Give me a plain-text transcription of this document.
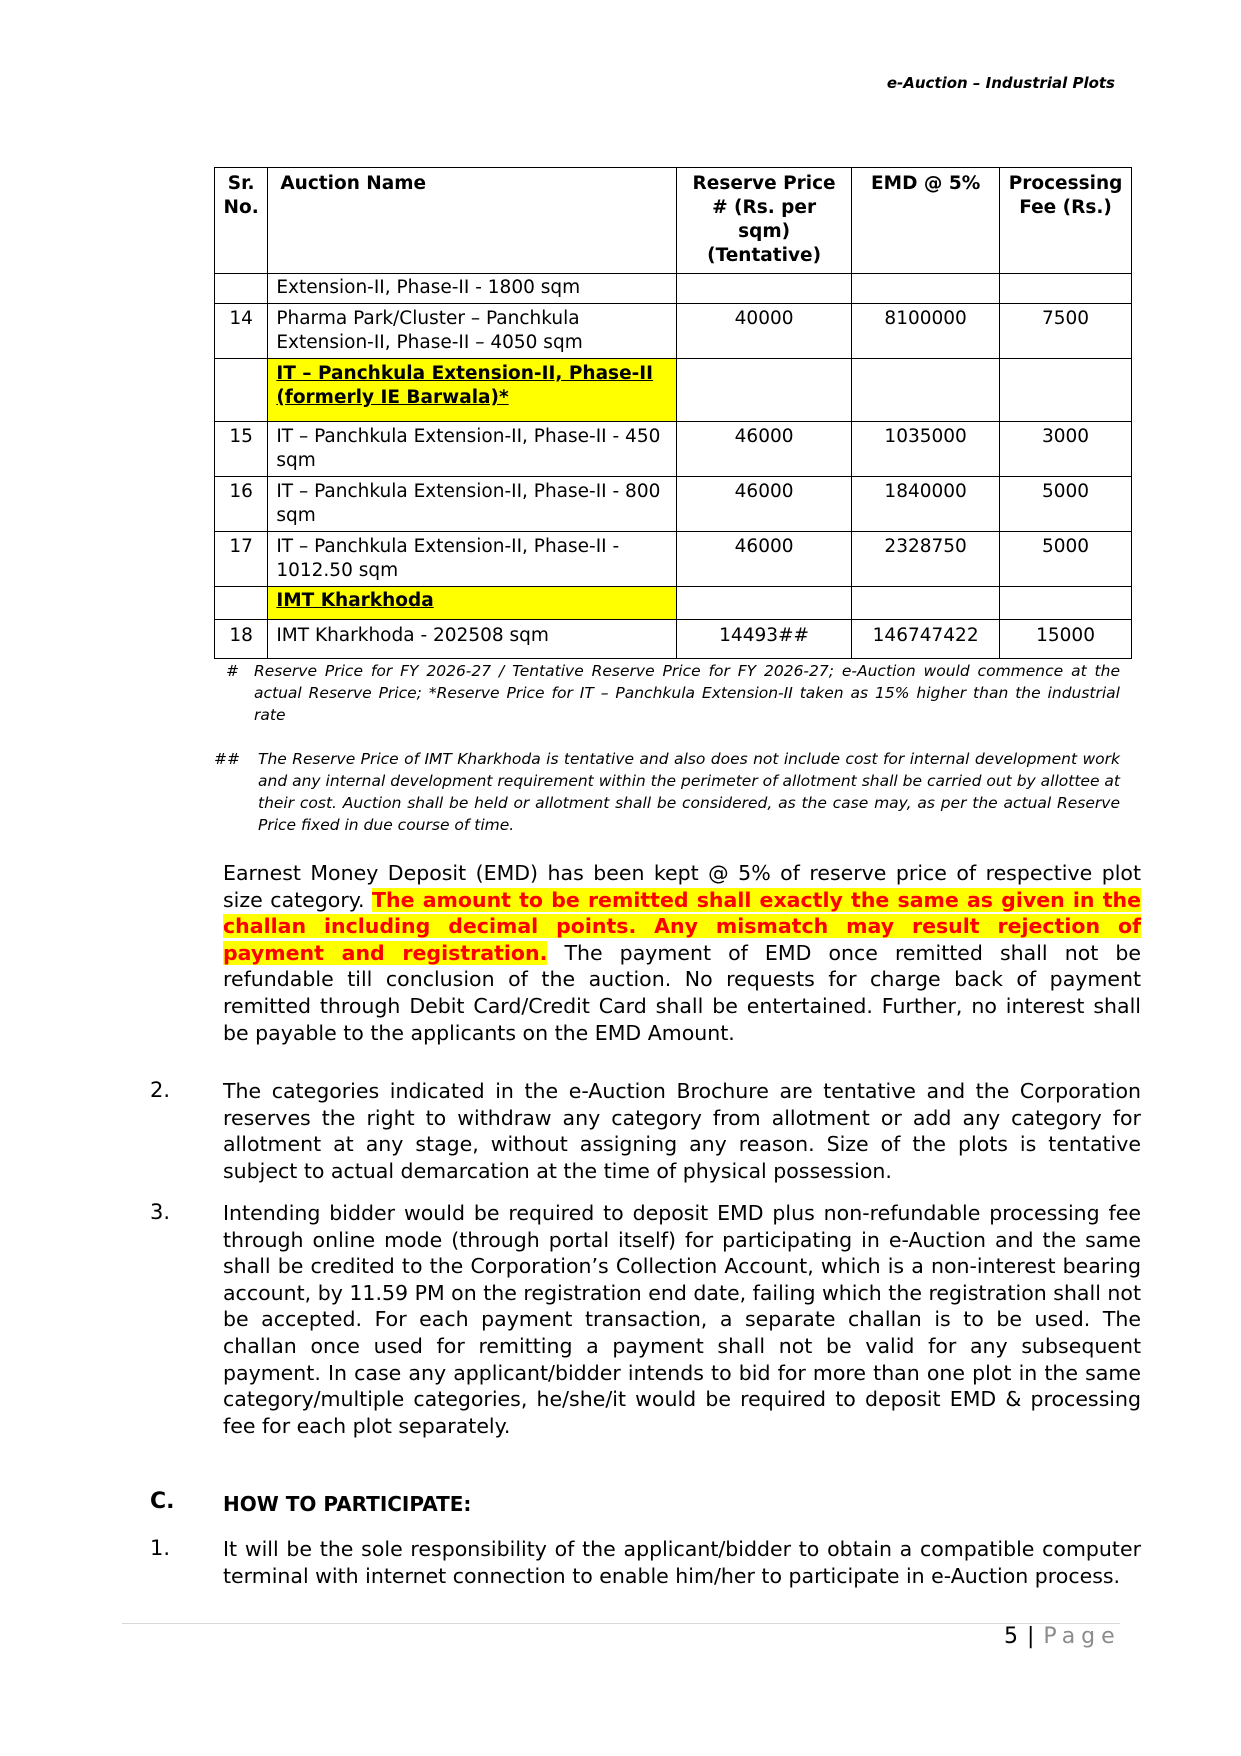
e-Auction – Industrial Plots
Sr. No.	Auction Name	Reserve Price # (Rs. per sqm) (Tentative)	EMD @ 5%	Processing Fee (Rs.)
	Extension-II, Phase-II - 1800 sqm			
14	Pharma Park/Cluster – Panchkula Extension-II, Phase-II – 4050 sqm	40000	8100000	7500
	IT – Panchkula Extension-II, Phase-II (formerly IE Barwala)*			
15	IT – Panchkula Extension-II, Phase-II - 450 sqm	46000	1035000	3000
16	IT – Panchkula Extension-II, Phase-II - 800 sqm	46000	1840000	5000
17	IT – Panchkula Extension-II, Phase-II - 1012.50 sqm	46000	2328750	5000
	IMT Kharkhoda			
18	IMT Kharkhoda - 202508 sqm	14493##	146747422	15000
# Reserve Price for FY 2026-27 / Tentative Reserve Price for FY 2026-27; e-Auction would commence at the actual Reserve Price; *Reserve Price for IT – Panchkula Extension-II taken as 15% higher than the industrial rate
##	The Reserve Price of IMT Kharkhoda is tentative and also does not include cost for internal development work and any internal development requirement within the perimeter of allotment shall be carried out by allottee at their cost. Auction shall be held or allotment shall be considered, as the case may, as per the actual Reserve Price fixed in due course of time.
Earnest Money Deposit (EMD) has been kept @ 5% of reserve price of respective plot size category. The amount to be remitted shall exactly the same as given in the challan including decimal points. Any mismatch may result rejection of payment and registration. The payment of EMD once remitted shall not be refundable till conclusion of the auction. No requests for charge back of payment remitted through Debit Card/Credit Card shall be entertained. Further, no interest shall be payable to the applicants on the EMD Amount.
2.	The categories indicated in the e-Auction Brochure are tentative and the Corporation reserves the right to withdraw any category from allotment or add any category for allotment at any stage, without assigning any reason. Size of the plots is tentative subject to actual demarcation at the time of physical possession.
3.	Intending bidder would be required to deposit EMD plus non-refundable processing fee through online mode (through portal itself) for participating in e-Auction and the same shall be credited to the Corporation’s Collection Account, which is a non-interest bearing account, by 11.59 PM on the registration end date, failing which the registration shall not be accepted. For each payment transaction, a separate challan is to be used. The challan once used for remitting a payment shall not be valid for any subsequent payment. In case any applicant/bidder intends to bid for more than one plot in the same category/multiple categories, he/she/it would be required to deposit EMD & processing fee for each plot separately.
C. HOW TO PARTICIPATE:
1.	It will be the sole responsibility of the applicant/bidder to obtain a compatible computer terminal with internet connection to enable him/her to participate in e-Auction process.
5 | Page
